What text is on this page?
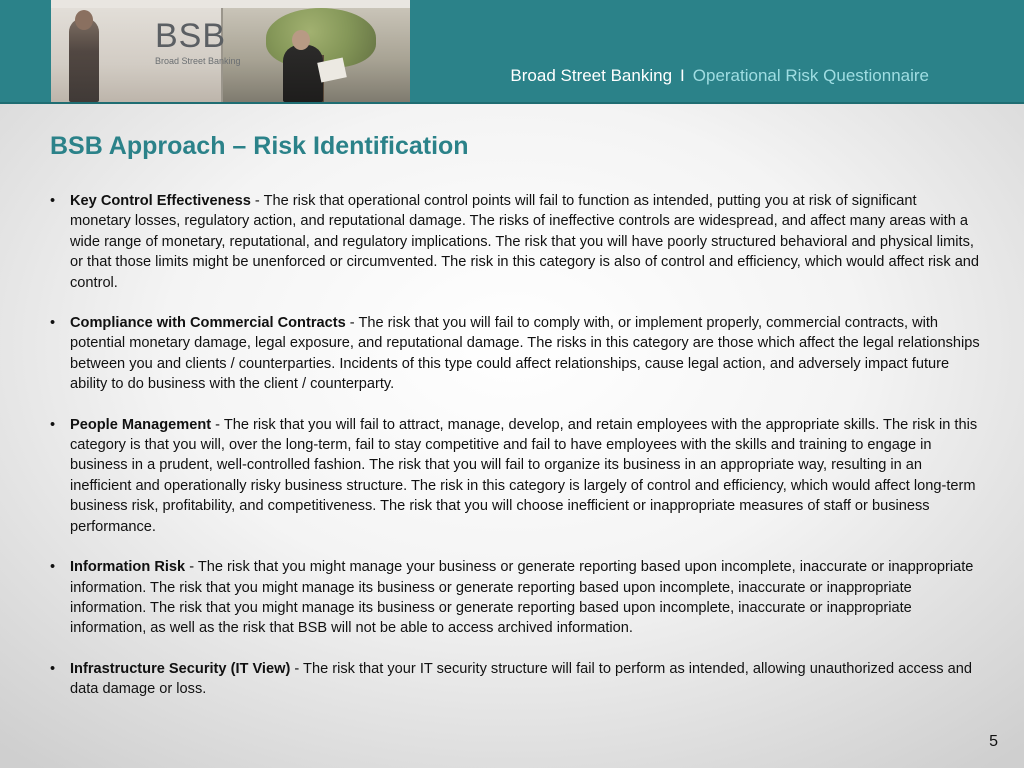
BSB
Broad Street Banking
Broad Street Banking I Operational Risk Questionnaire
BSB Approach – Risk Identification
• Key Control Effectiveness - The risk that operational control points will fail to function as intended, putting you at risk of significant monetary losses, regulatory action, and reputational damage. The risks of ineffective controls are widespread, and affect many areas with a wide range of monetary, reputational, and regulatory implications. The risk that you will have poorly structured behavioral and physical limits, or that those limits might be unenforced or circumvented. The risk in this category is also of control and efficiency, which would affect risk and control.
• Compliance with Commercial Contracts - The risk that you will fail to comply with, or implement properly, commercial contracts, with potential monetary damage, legal exposure, and reputational damage. The risks in this category are those which affect the legal relationships between you and clients / counterparties. Incidents of this type could affect relationships, cause legal action, and adversely impact future ability to do business with the client / counterparty.
• People Management - The risk that you will fail to attract, manage, develop, and retain employees with the appropriate skills. The risk in this category is that you will, over the long-term, fail to stay competitive and fail to have employees with the skills and training to engage in business in a prudent, well-controlled fashion. The risk that you will fail to organize its business in an appropriate way, resulting in an inefficient and operationally risky business structure. The risk in this category is largely of control and efficiency, which would affect long-term business risk, profitability, and competitiveness. The risk that you will choose inefficient or inappropriate measures of staff or business performance.
• Information Risk - The risk that you might manage your business or generate reporting based upon incomplete, inaccurate or inappropriate information. The risk that you might manage its business or generate reporting based upon incomplete, inaccurate or inappropriate information. The risk that you might manage its business or generate reporting based upon incomplete, inaccurate or inappropriate information, as well as the risk that BSB will not be able to access archived information.
• Infrastructure Security (IT View) - The risk that your IT security structure will fail to perform as intended, allowing unauthorized access and data damage or loss.
5
